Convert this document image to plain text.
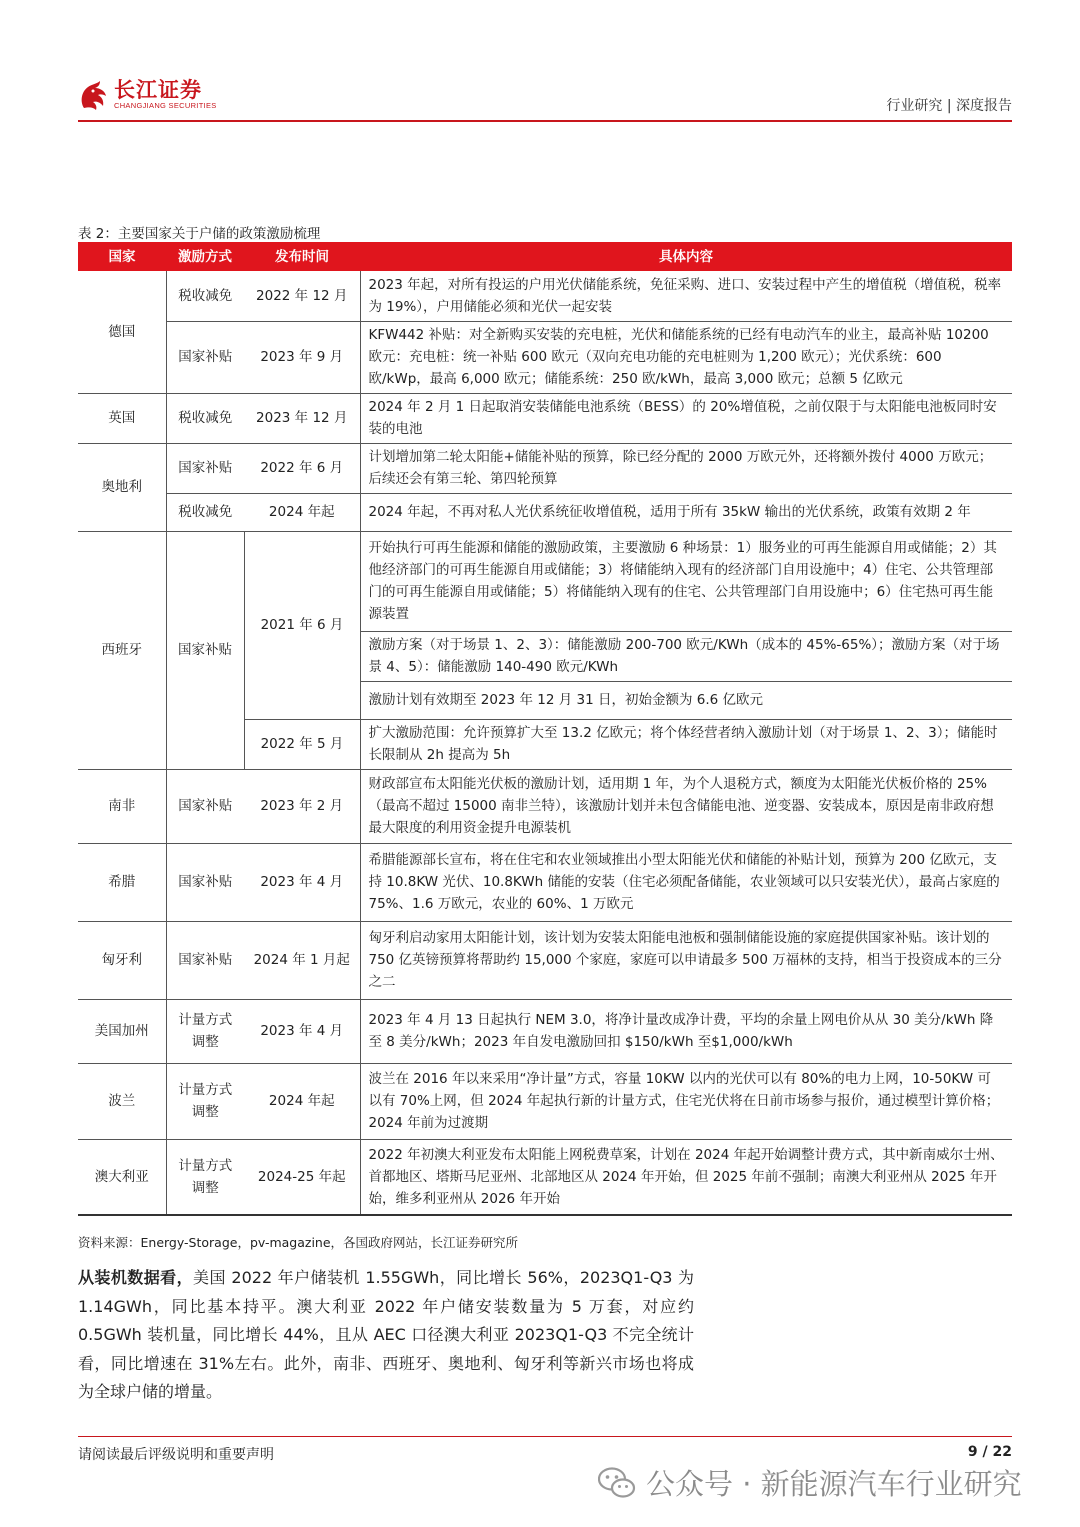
长江证券
CHANGJIANG SECURITIES	行业研究 | 深度报告
表 2：主要国家关于户储的政策激励梳理
国家	激励方式	发布时间	具体内容
德国	税收减免	2022 年 12 月	2023 年起，对所有投运的户用光伏储能系统，免征采购、进口、安装过程中产生的增值税（增值税，税率为 19%），户用储能必须和光伏一起安装
	国家补贴	2023 年 9 月	KFW442 补贴：对全新购买安装的充电桩，光伏和储能系统的已经有电动汽车的业主，最高补贴 10200 欧元：充电桩：统一补贴 600 欧元（双向充电功能的充电桩则为 1,200 欧元）；光伏系统：600 欧/kWp，最高 6,000 欧元；储能系统：250 欧/kWh，最高 3,000 欧元；总额 5 亿欧元
英国	税收减免	2023 年 12 月	2024 年 2 月 1 日起取消安装储能电池系统（BESS）的 20%增值税，之前仅限于与太阳能电池板同时安装的电池
奥地利	国家补贴	2022 年 6 月	计划增加第二轮太阳能+储能补贴的预算，除已经分配的 2000 万欧元外，还将额外拨付 4000 万欧元；后续还会有第三轮、第四轮预算
	税收减免	2024 年起	2024 年起，不再对私人光伏系统征收增值税，适用于所有 35kW 输出的光伏系统，政策有效期 2 年
西班牙	国家补贴	2021 年 6 月	开始执行可再生能源和储能的激励政策，主要激励 6 种场景：1）服务业的可再生能源自用或储能；2）其他经济部门的可再生能源自用或储能；3）将储能纳入现有的经济部门自用设施中；4）住宅、公共管理部门的可再生能源自用或储能；5）将储能纳入现有的住宅、公共管理部门自用设施中；6）住宅热可再生能源装置
			激励方案（对于场景 1、2、3）：储能激励 200-700 欧元/KWh（成本的 45%-65%）；激励方案（对于场景 4、5）：储能激励 140-490 欧元/KWh
			激励计划有效期至 2023 年 12 月 31 日，初始金额为 6.6 亿欧元
		2022 年 5 月	扩大激励范围：允许预算扩大至 13.2 亿欧元；将个体经营者纳入激励计划（对于场景 1、2、3）；储能时长限制从 2h 提高为 5h
南非	国家补贴	2023 年 2 月	财政部宣布太阳能光伏板的激励计划，适用期 1 年，为个人退税方式，额度为太阳能光伏板价格的 25%（最高不超过 15000 南非兰特），该激励计划并未包含储能电池、逆变器、安装成本，原因是南非政府想最大限度的利用资金提升电源装机
希腊	国家补贴	2023 年 4 月	希腊能源部长宣布，将在住宅和农业领域推出小型太阳能光伏和储能的补贴计划，预算为 200 亿欧元，支持 10.8KW 光伏、10.8KWh 储能的安装（住宅必须配备储能，农业领域可以只安装光伏），最高占家庭的 75%、1.6 万欧元，农业的 60%、1 万欧元
匈牙利	国家补贴	2024 年 1 月起	匈牙利启动家用太阳能计划，该计划为安装太阳能电池板和强制储能设施的家庭提供国家补贴。该计划的 750 亿英镑预算将帮助约 15,000 个家庭，家庭可以申请最多 500 万福林的支持，相当于投资成本的三分之二
美国加州	计量方式调整	2023 年 4 月	2023 年 4 月 13 日起执行 NEM 3.0，将净计量改成净计费，平均的余量上网电价从从 30 美分/kWh 降至 8 美分/kWh；2023 年自发电激励回扣 $150/kWh 至$1,000/kWh
波兰	计量方式调整	2024 年起	波兰在 2016 年以来采用“净计量”方式，容量 10KW 以内的光伏可以有 80%的电力上网，10-50KW 可以有 70%上网，但 2024 年起执行新的计量方式，住宅光伏将在日前市场参与报价，通过模型计算价格；2024 年前为过渡期
澳大利亚	计量方式调整	2024-25 年起	2022 年初澳大利亚发布太阳能上网税费草案，计划在 2024 年起开始调整计费方式，其中新南威尔士州、首都地区、塔斯马尼亚州、北部地区从 2024 年开始，但 2025 年前不强制；南澳大利亚州从 2025 年开始，维多利亚州从 2026 年开始
资料来源：Energy-Storage，pv-magazine，各国政府网站，长江证券研究所
从装机数据看，美国 2022 年户储装机 1.55GWh，同比增长 56%，2023Q1-Q3 为 1.14GWh，同比基本持平。澳大利亚 2022 年户储安装数量为 5 万套，对应约 0.5GWh 装机量，同比增长 44%，且从 AEC 口径澳大利亚 2023Q1-Q3 不完全统计看，同比增速在 31%左右。此外，南非、西班牙、奥地利、匈牙利等新兴市场也将成为全球户储的增量。
请阅读最后评级说明和重要声明	9 / 22
公众号 · 新能源汽车行业研究
